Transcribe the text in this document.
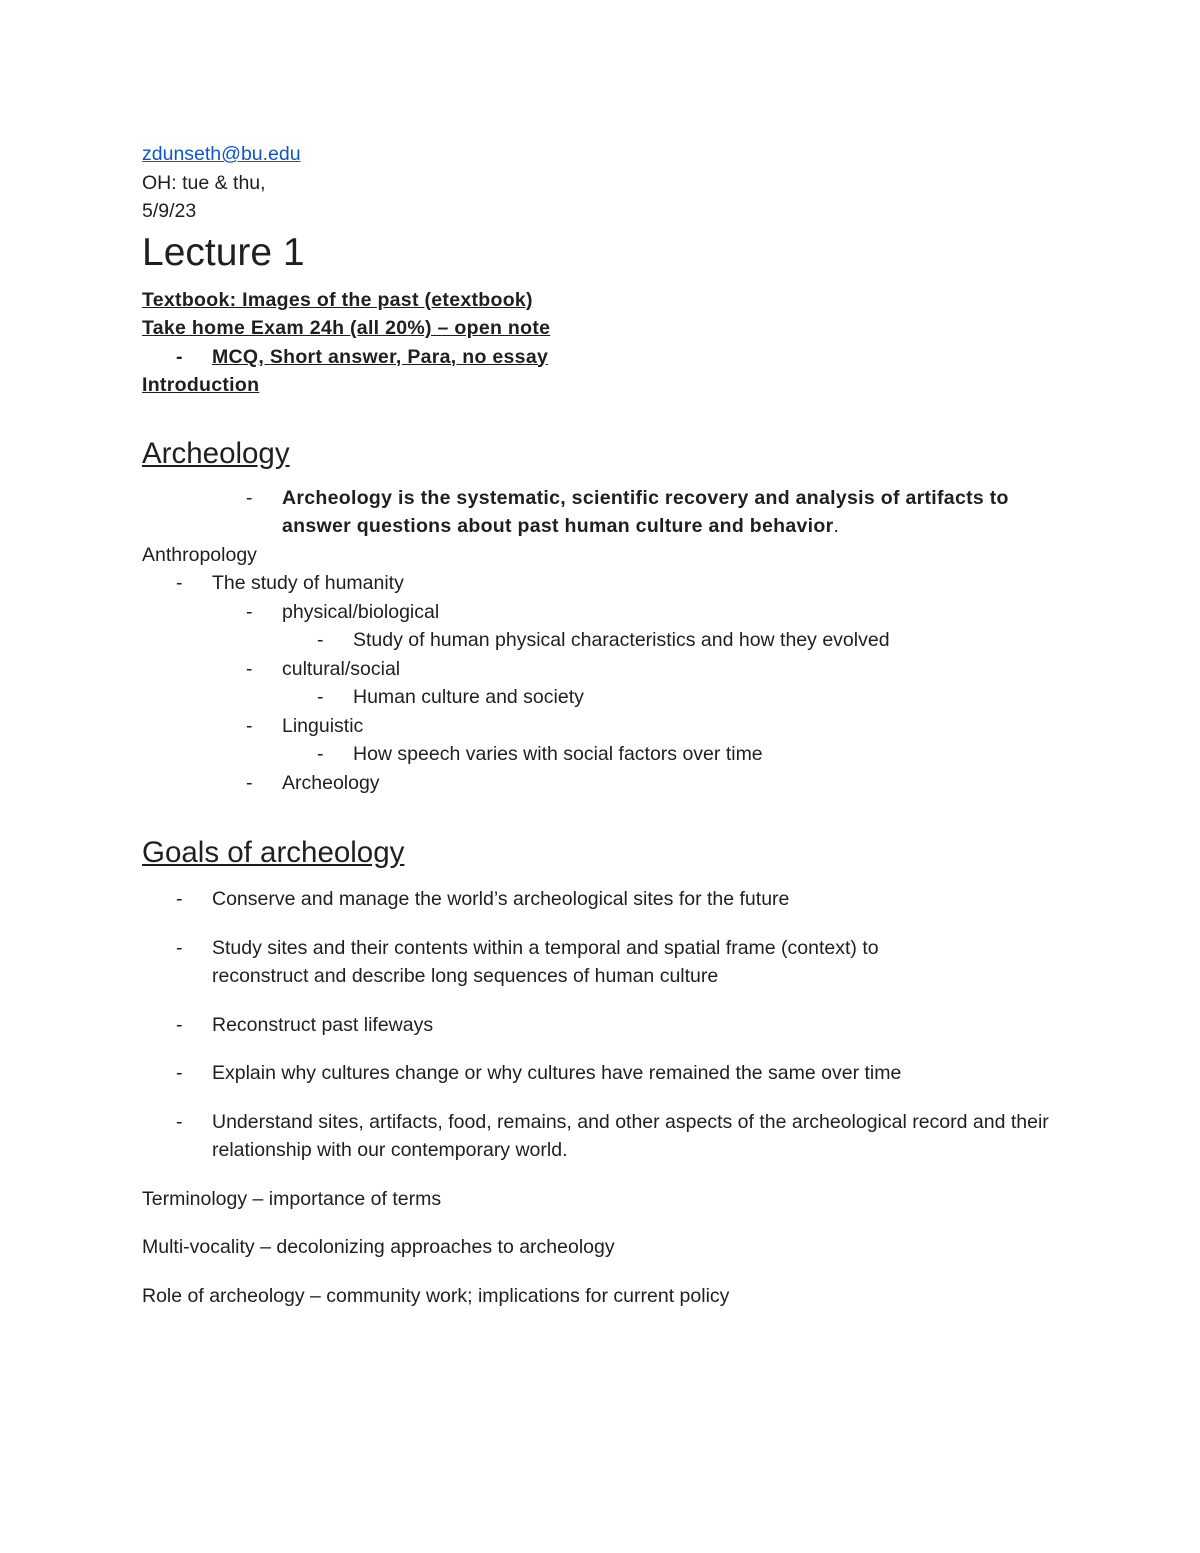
zdunseth@bu.edu
OH: tue & thu,
5/9/23
Lecture 1
Textbook: Images of the past (etextbook)
Take home Exam 24h (all 20%) – open note
- MCQ, Short answer, Para, no essay
Introduction
Archeology
- Archeology is the systematic, scientific recovery and analysis of artifacts to answer questions about past human culture and behavior.
Anthropology
- The study of humanity
- physical/biological
- Study of human physical characteristics and how they evolved
- cultural/social
- Human culture and society
- Linguistic
- How speech varies with social factors over time
- Archeology
Goals of archeology
- Conserve and manage the world’s archeological sites for the future
- Study sites and their contents within a temporal and spatial frame (context) to reconstruct and describe long sequences of human culture
- Reconstruct past lifeways
- Explain why cultures change or why cultures have remained the same over time
- Understand sites, artifacts, food, remains, and other aspects of the archeological record and their relationship with our contemporary world.
Terminology – importance of terms
Multi-vocality – decolonizing approaches to archeology
Role of archeology – community work; implications for current policy
